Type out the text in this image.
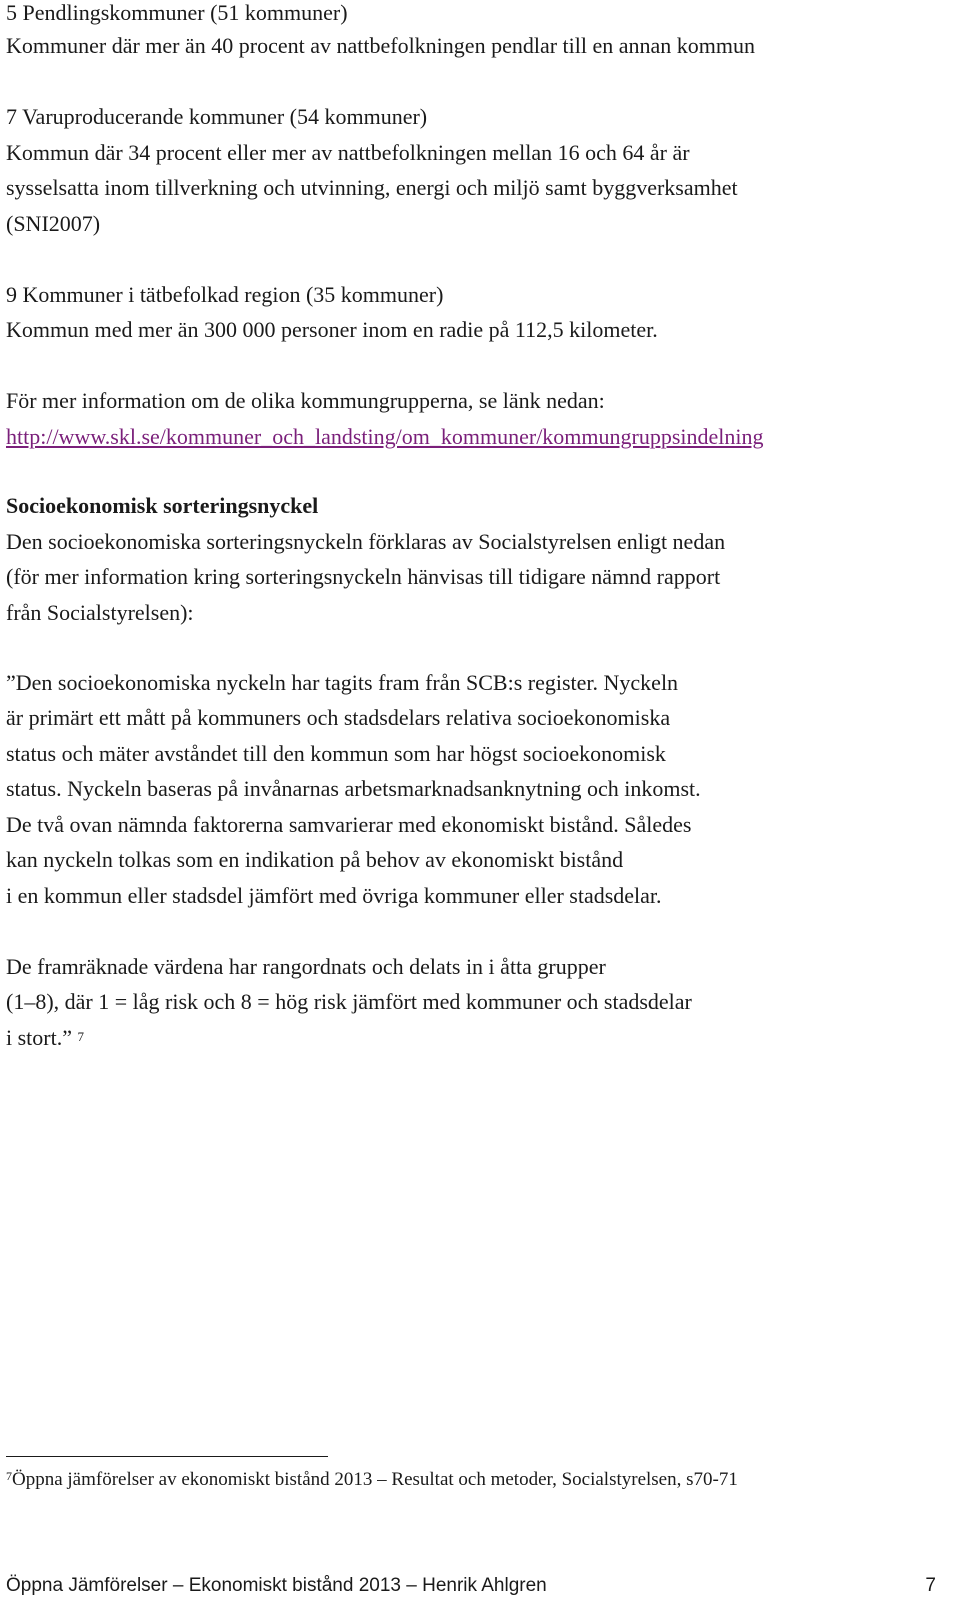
5 Pendlingskommuner (51 kommuner)
Kommuner där mer än 40 procent av nattbefolkningen pendlar till en annan kommun
7 Varuproducerande kommuner (54 kommuner)
Kommun där 34 procent eller mer av nattbefolkningen mellan 16 och 64 år är
sysselsatta inom tillverkning och utvinning, energi och miljö samt byggverksamhet
(SNI2007)
9 Kommuner i tätbefolkad region (35 kommuner)
Kommun med mer än 300 000 personer inom en radie på 112,5 kilometer.
För mer information om de olika kommungrupperna, se länk nedan:
http://www.skl.se/kommuner_och_landsting/om_kommuner/kommungruppsindelning
Socioekonomisk sorteringsnyckel
Den socioekonomiska sorteringsnyckeln förklaras av Socialstyrelsen enligt nedan
(för mer information kring sorteringsnyckeln hänvisas till tidigare nämnd rapport
från Socialstyrelsen):
”Den socioekonomiska nyckeln har tagits fram från SCB:s register. Nyckeln
är primärt ett mått på kommuners och stadsdelars relativa socioekonomiska
status och mäter avståndet till den kommun som har högst socioekonomisk
status. Nyckeln baseras på invånarnas arbetsmarknadsanknytning och inkomst.
De två ovan nämnda faktorerna samvarierar med ekonomiskt bistånd. Således
kan nyckeln tolkas som en indikation på behov av ekonomiskt bistånd
i en kommun eller stadsdel jämfört med övriga kommuner eller stadsdelar.
De framräknade värdena har rangordnats och delats in i åtta grupper
(1–8), där 1 = låg risk och 8 = hög risk jämfört med kommuner och stadsdelar
i stort.” $^7$
$^7$Öppna jämförelser av ekonomiskt bistånd 2013 – Resultat och metoder, Socialstyrelsen, s70-71
Öppna Jämförelser – Ekonomiskt bistånd 2013 – Henrik Ahlgren	7
